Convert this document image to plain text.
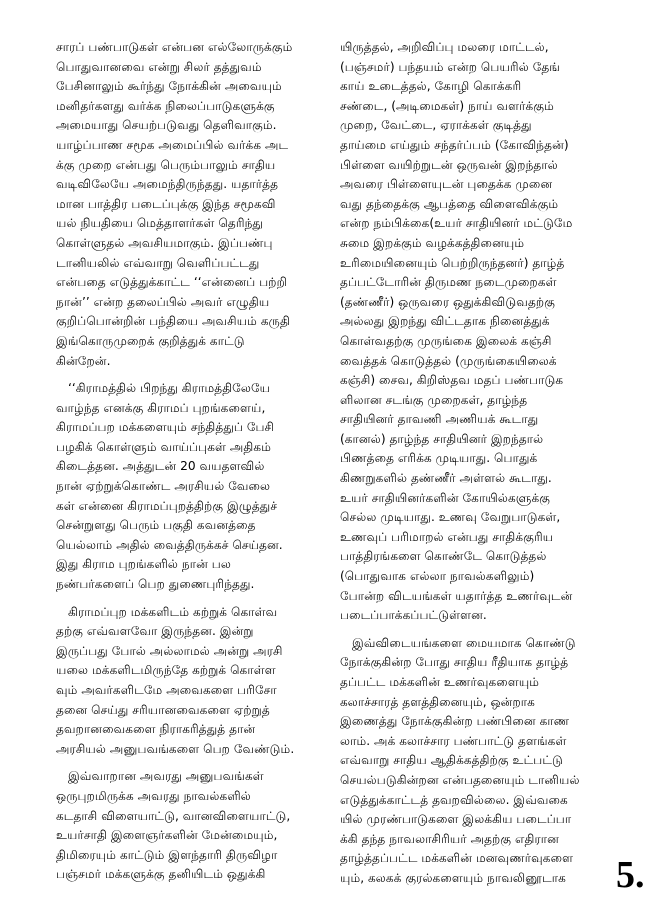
சாரப் பண்பாடுகள் என்பன எல்லோருக்கும்
பொதுவானவை என்று சிலர் தத்துவம்
பேசினாலும் கூர்ந்து நோக்கின் அவையும்
மனிதர்களது வர்க்க நிலைப்பாடுகளுக்கு
அமையாது செயற்படுவது தெளிவாகும்.
யாழ்ப்பாண சமூக அமைப்பில் வர்க்க அட
க்கு முறை என்பது பெரும்பாலும் சாதிய
வடிவிலேயே அமைந்திருந்தது. யதார்த்த
மான பாத்திர படைப்புக்கு இந்த சமூகவி
யல் நியதியை மெத்தாளர்கள் தெரிந்து
கொள்ளுதல் அவசியமாகும். இப்பண்பு
டானியலில் எவ்வாறு வெளிப்பட்டது
என்பதை எடுத்துக்காட்ட ‘‘என்னைப் பற்றி
நான்’’ என்ற தலைப்பில் அவர் எழுதிய
குறிப்பொன்றின் பந்தியை அவசியம் கருதி
இங்கொருமுறைக் குறித்துக் காட்டு
கின்றேன்.
‘‘கிராமத்தில் பிறந்து கிராமத்திலேயே
வாழ்ந்த எனக்கு கிராமப் புறங்களைய்,
கிராமப்பற மக்களையும் சந்தித்துப் பேசி
பழகிக் கொள்ளும் வாய்ப்புகள் அதிகம்
கிடைத்தன. அத்துடன் 20 வயதளவில்
நான் ஏற்றுக்கொண்ட அரசியல் வேலை
கள் என்னை கிராமப்புறத்திற்கு இழுத்துச்
சென்றுளது பெரும் பகுதி கவனத்தை
யெல்லாம் அதில் வைத்திருக்கச் செய்தன.
இது கிராம புறங்களில் நான் பல
நண்பர்களைப் பெற துணைபுரிந்தது.
கிராமப்புற மக்களிடம் கற்றுக் கொள்வ
தற்கு எவ்வளவோ இருந்தன. இன்று
இருப்பது போல் அல்லாமல் அன்று அரசி
யலை மக்களிடமிருந்தே கற்றுக் கொள்ள
வும் அவர்களிடமே அவைகளை பரிசோ
தனை செய்து சரியானவைகளை ஏற்றுத்
தவறானவைகளை நிராகரித்துத் தான்
அரசியல் அனுபவங்களை பெற வேண்டும்.
இவ்வாறான அவரது அனுபவங்கள்
ஒருபுறமிருக்க அவரது நாவல்களில்
கடதாசி விளையாட்டு, வானவிளையாட்டு,
உயர்சாதி இளைஞர்களின் மேன்மையும்,
திமிரையும் காட்டும் இளந்தாரி திருவிழா
பஞ்சமர் மக்களுக்கு தனியிடம் ஒதுக்கி
யிருத்தல், அறிவிப்பு மலரை மாட்டல்,
(பஞ்சமர்) பந்தயம் என்ற பெயரில் தேங்
காய் உடைத்தல், கோழி கொக்கரி
சண்டை, (அடிமைகள்) நாய் வளர்க்கும்
முறை, வேட்டை, ஏராக்கள் குடித்து
தாய்மை எய்தும் சந்தர்ப்பம் (கோவிந்தன்)
பிள்ளை வயிற்றுடன் ஒருவன் இறந்தால்
அவரை பிள்ளையுடன் புதைக்க முனை
வது தந்தைக்கு ஆபத்தை விளைவிக்கும்
என்ற நம்பிக்கை(உயர் சாதியினர் மட்டுமே
சுமை இறக்கும் வழக்கத்தினையும்
உரிமையினையும் பெற்றிருந்தனர்) தாழ்த்
தப்பட்டோரின் திருமண நடைமுறைகள்
(தண்ணீர்) ஒருவரை ஒதுக்கிவிடுவதற்கு
அல்லது இறந்து விட்டதாக நினைத்துக்
கொள்வதற்கு முருங்கை இலைக் கஞ்சி
வைத்தக் கொடுத்தல் (முருங்கையிலைக்
கஞ்சி) சைவ, கிறிஸ்தவ மதப் பண்பாடுக
ளிலான சடங்கு முறைகள், தாழ்ந்த
சாதியினர் தாவணி அணியக் கூடாது
(கானல்) தாழ்ந்த சாதியினர் இறந்தால்
பிணத்தை எரிக்க முடியாது. பொதுக்
கிணறுகளில் தண்ணீர் அள்ளல் கூடாது.
உயர் சாதியினர்களின் கோயில்களுக்கு
செல்ல முடியாது. உணவு வேறுபாடுகள்,
உணவுப் பரிமாறல் என்பது சாதிக்குரிய
பாத்திரங்களை கொண்டே கொடுத்தல்
(பொதுவாக எல்லா நாவல்களிலும்)
போன்ற விடயங்கள் யதார்த்த உணர்வுடன்
படைப்பாக்கப்பட்டுள்ளன.
இவ்விடையங்களை மையமாக கொண்டு
நோக்குகின்ற போது சாதிய ரீதியாக தாழ்த்
தப்பட்ட மக்களின் உணர்வுகளையும்
கலாச்சாரத் தளத்தினையும், ஒன்றாக
இணைத்து நோக்குகின்ற பண்பினை காண
லாம். அக் கலாச்சார பண்பாட்டு தளங்கள்
எவ்வாறு சாதிய ஆதிக்கத்திற்கு உட்பட்டு
செயல்படுகின்றன என்பதனையும் டானியல்
எடுத்துக்காட்டத் தவறவில்லை. இவ்வகை
யில் முரண்பாடுகளை இலக்கிய படைப்பா
க்கி தந்த நாவலாசிரியர் அதற்கு எதிரான
தாழ்த்தப்பட்ட மக்களின் மனவுணர்வுகளை
யும், கலகக் குரல்களையும் நாவலினூடாக	5.
